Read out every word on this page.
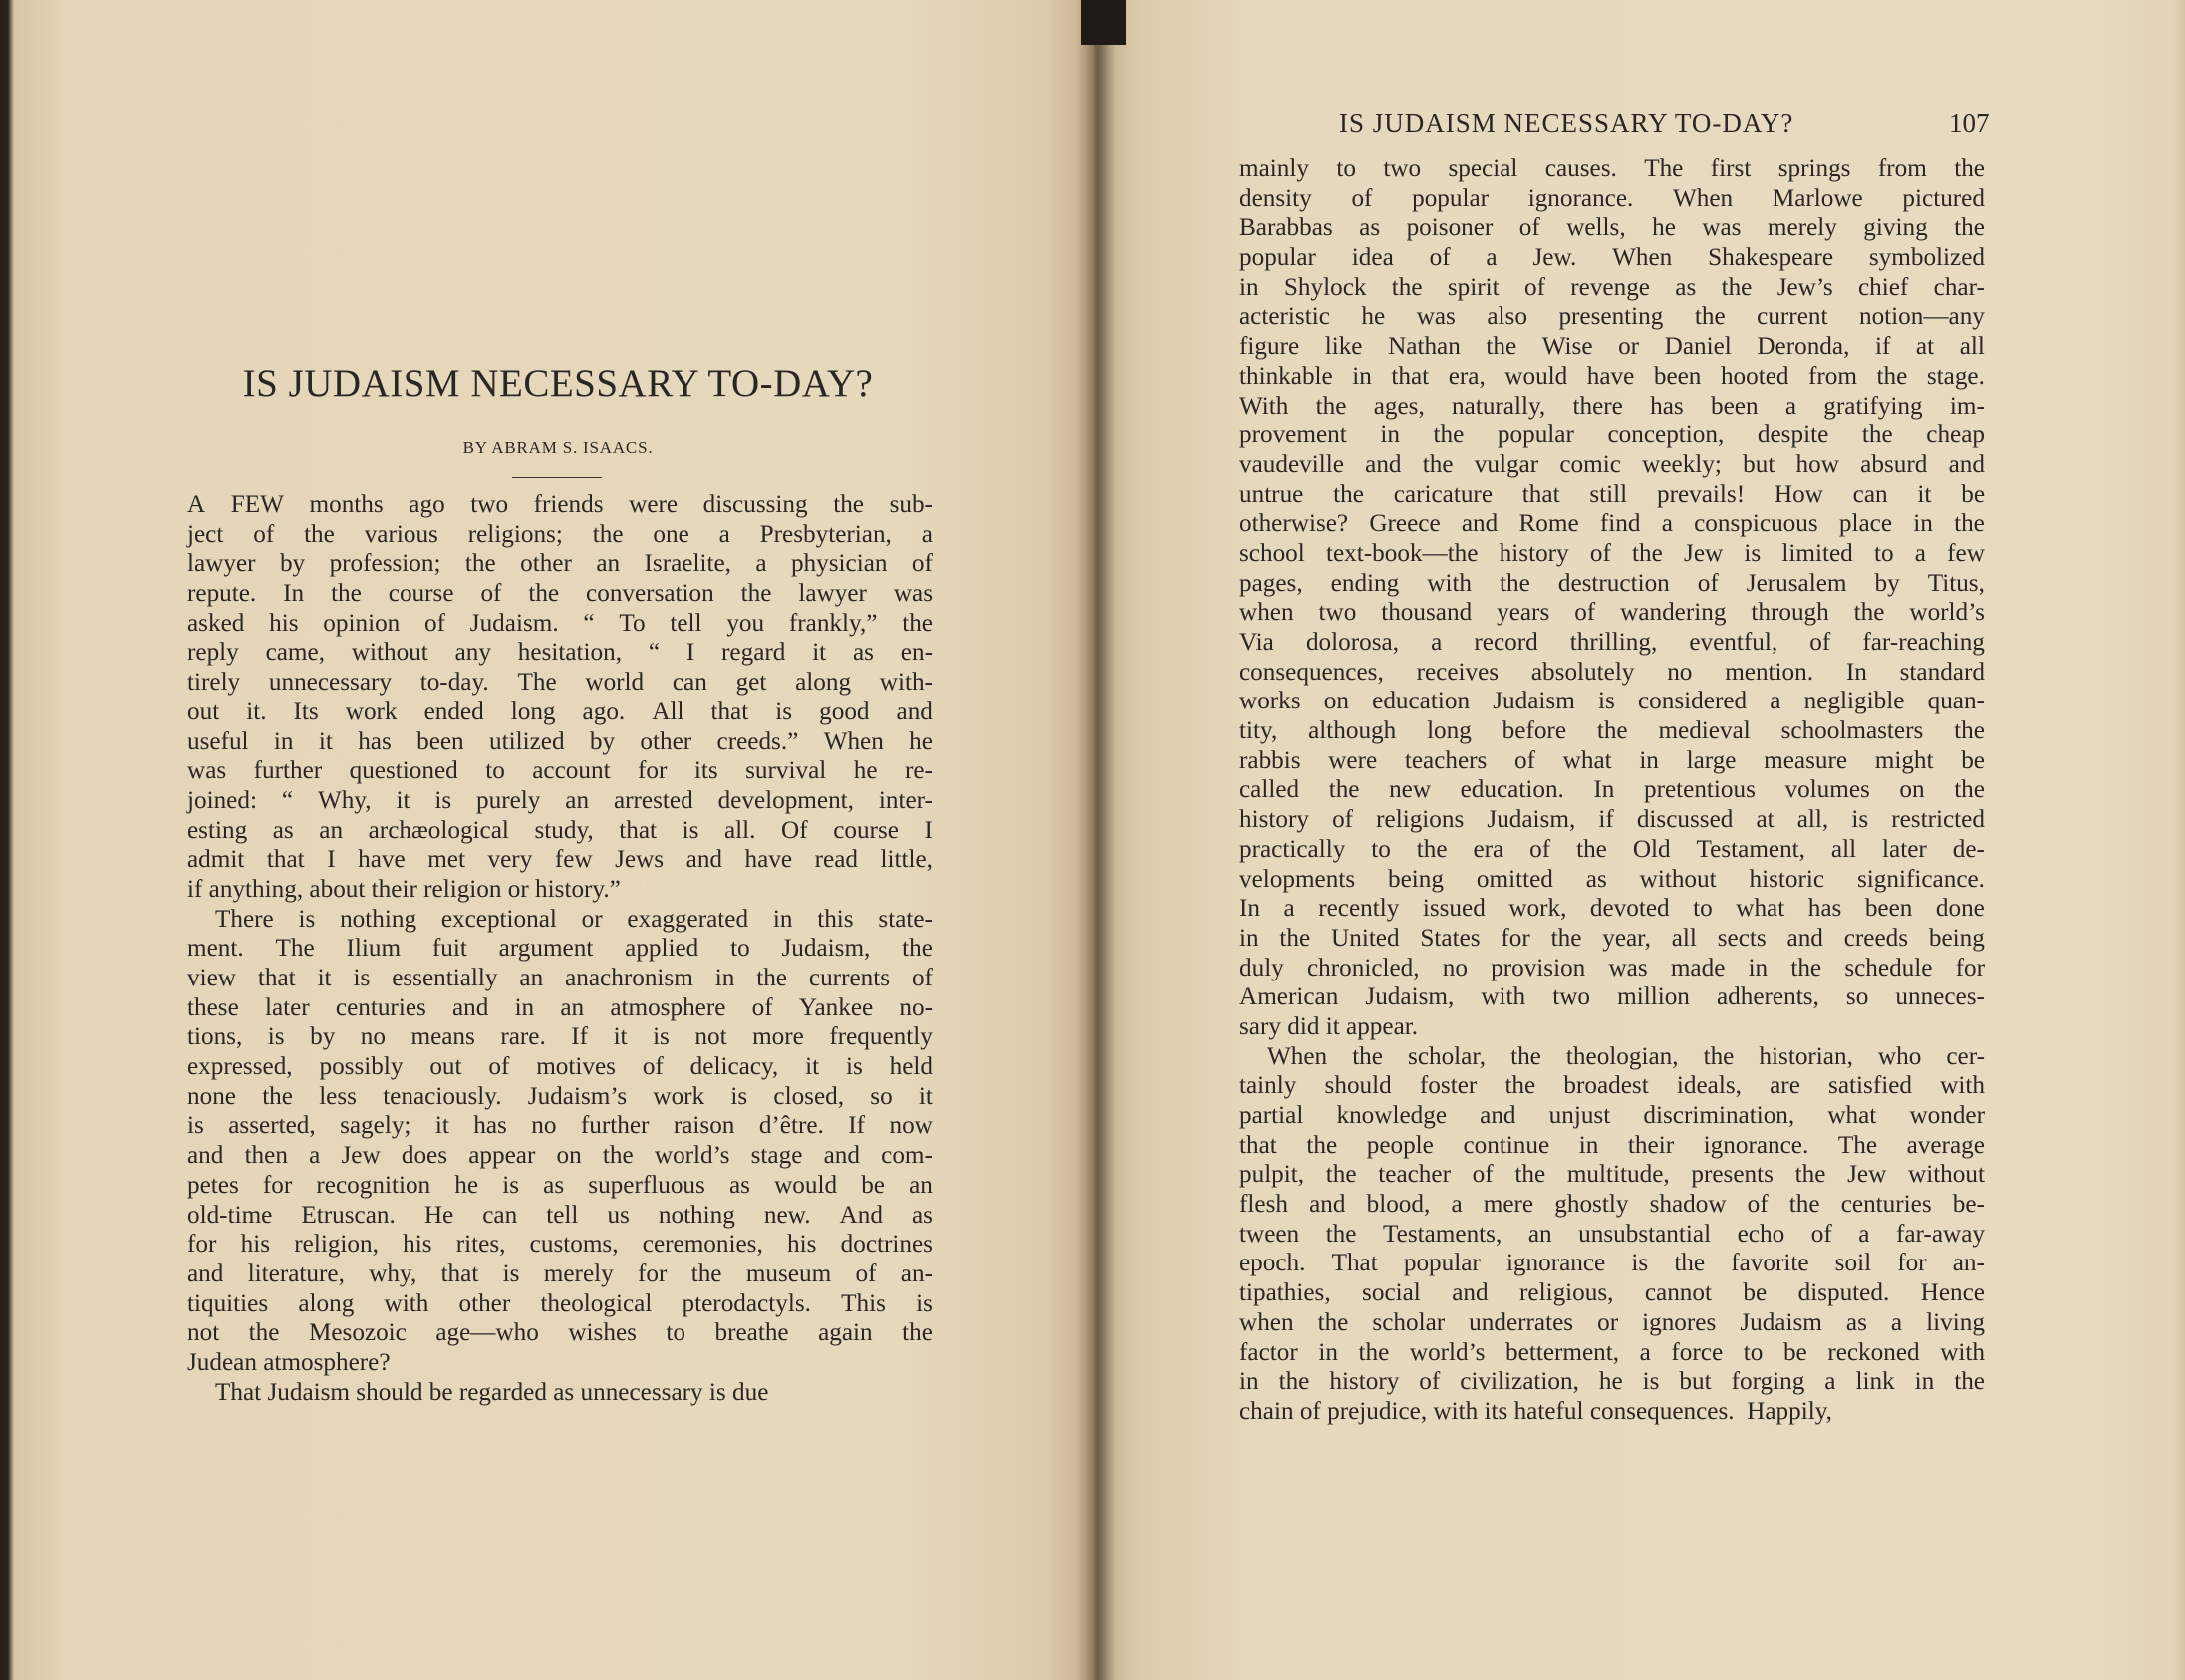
IS JUDAISM NECESSARY TO-DAY?
BY ABRAM S. ISAACS.
A FEW months ago two friends were discussing the sub-
ject of the various religions; the one a Presbyterian, a
lawyer by profession; the other an Israelite, a physician of
repute. In the course of the conversation the lawyer was
asked his opinion of Judaism. “ To tell you frankly,” the
reply came, without any hesitation, “ I regard it as en-
tirely unnecessary to-day. The world can get along with-
out it. Its work ended long ago. All that is good and
useful in it has been utilized by other creeds.” When he
was further questioned to account for its survival he re-
joined: “ Why, it is purely an arrested development, inter-
esting as an archæological study, that is all. Of course I
admit that I have met very few Jews and have read little,
if anything, about their religion or history.”
There is nothing exceptional or exaggerated in this state-
ment. The Ilium fuit argument applied to Judaism, the
view that it is essentially an anachronism in the currents of
these later centuries and in an atmosphere of Yankee no-
tions, is by no means rare. If it is not more frequently
expressed, possibly out of motives of delicacy, it is held
none the less tenaciously. Judaism’s work is closed, so it
is asserted, sagely; it has no further raison d’être. If now
and then a Jew does appear on the world’s stage and com-
petes for recognition he is as superfluous as would be an
old-time Etruscan. He can tell us nothing new. And as
for his religion, his rites, customs, ceremonies, his doctrines
and literature, why, that is merely for the museum of an-
tiquities along with other theological pterodactyls. This is
not the Mesozoic age—who wishes to breathe again the
Judean atmosphere?
That Judaism should be regarded as unnecessary is due
IS JUDAISM NECESSARY TO-DAY?	107
mainly to two special causes. The first springs from the
density of popular ignorance. When Marlowe pictured
Barabbas as poisoner of wells, he was merely giving the
popular idea of a Jew. When Shakespeare symbolized
in Shylock the spirit of revenge as the Jew’s chief char-
acteristic he was also presenting the current notion—any
figure like Nathan the Wise or Daniel Deronda, if at all
thinkable in that era, would have been hooted from the stage.
With the ages, naturally, there has been a gratifying im-
provement in the popular conception, despite the cheap
vaudeville and the vulgar comic weekly; but how absurd and
untrue the caricature that still prevails! How can it be
otherwise? Greece and Rome find a conspicuous place in the
school text-book—the history of the Jew is limited to a few
pages, ending with the destruction of Jerusalem by Titus,
when two thousand years of wandering through the world’s
Via dolorosa, a record thrilling, eventful, of far-reaching
consequences, receives absolutely no mention. In standard
works on education Judaism is considered a negligible quan-
tity, although long before the medieval schoolmasters the
rabbis were teachers of what in large measure might be
called the new education. In pretentious volumes on the
history of religions Judaism, if discussed at all, is restricted
practically to the era of the Old Testament, all later de-
velopments being omitted as without historic significance.
In a recently issued work, devoted to what has been done
in the United States for the year, all sects and creeds being
duly chronicled, no provision was made in the schedule for
American Judaism, with two million adherents, so unneces-
sary did it appear.
When the scholar, the theologian, the historian, who cer-
tainly should foster the broadest ideals, are satisfied with
partial knowledge and unjust discrimination, what wonder
that the people continue in their ignorance. The average
pulpit, the teacher of the multitude, presents the Jew without
flesh and blood, a mere ghostly shadow of the centuries be-
tween the Testaments, an unsubstantial echo of a far-away
epoch. That popular ignorance is the favorite soil for an-
tipathies, social and religious, cannot be disputed. Hence
when the scholar underrates or ignores Judaism as a living
factor in the world’s betterment, a force to be reckoned with
in the history of civilization, he is but forging a link in the
chain of prejudice, with its hateful consequences.  Happily,
